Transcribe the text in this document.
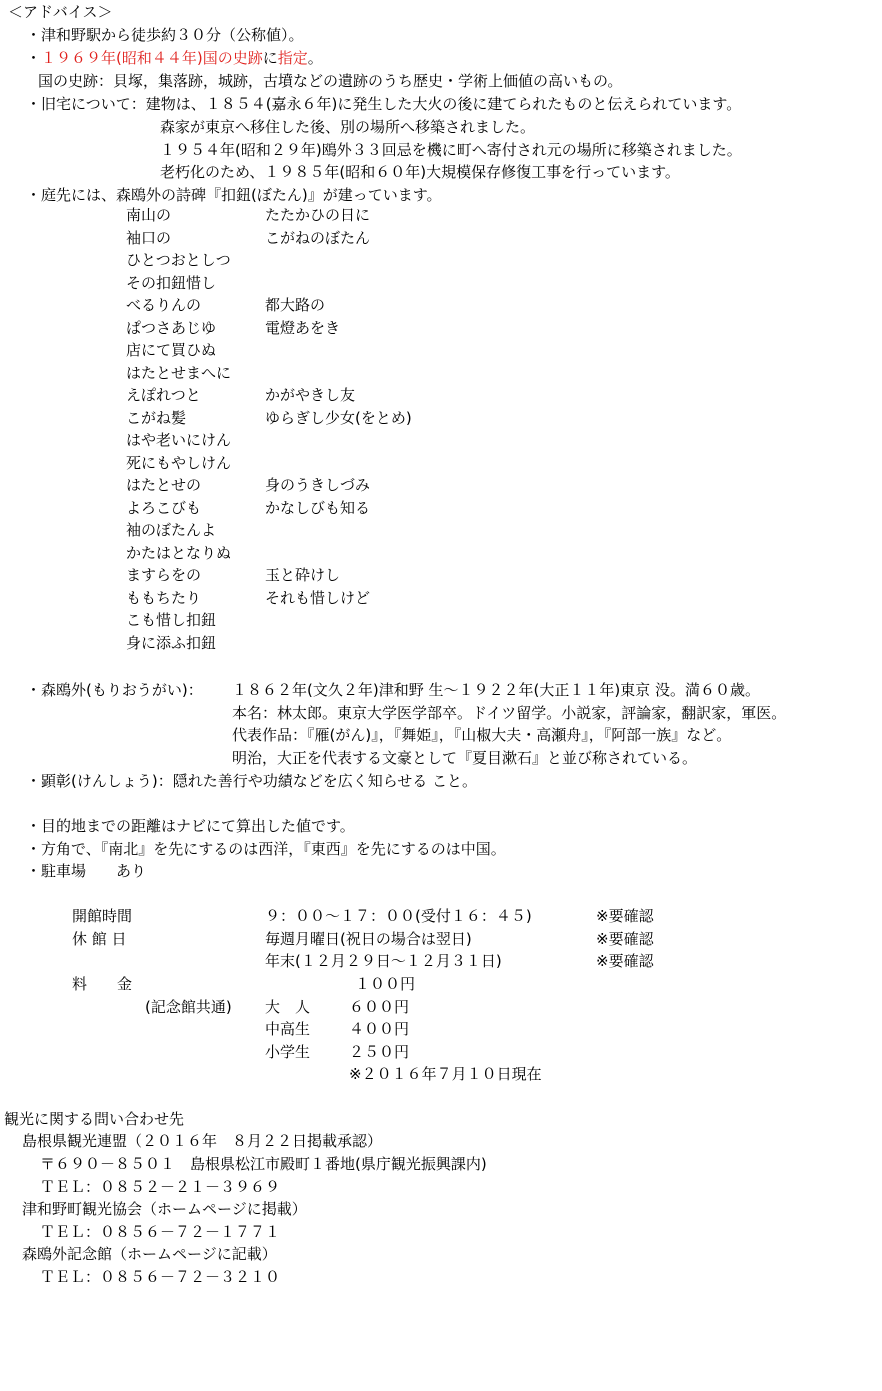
＜アドバイス＞
・津和野駅から徒歩約３０分（公称値）。
・１９６９年(昭和４４年)国の史跡に指定。
国の史跡：貝塚，集落跡，城跡，古墳などの遺跡のうち歴史・学術上価値の高いもの。
・旧宅について：建物は、１８５４(嘉永６年)に発生した大火の後に建てられたものと伝えられています。
森家が東京へ移住した後、別の場所へ移築されました。
１９５４年(昭和２９年)鴎外３３回忌を機に町へ寄付され元の場所に移築されました。
老朽化のため、１９８５年(昭和６０年)大規模保存修復工事を行っています。
・庭先には、森鴎外の詩碑『扣鈕(ぼたん)』が建っています。
南山の	たたかひの日に
袖口の	こがねのぼたん
ひとつおとしつ
その扣鈕惜し
べるりんの	都大路の
ぱつさあじゆ	電燈あをき
店にて買ひぬ
はたとせまへに
えぽれつと	かがやきし友
こがね髪	ゆらぎし少女(をとめ)
はや老いにけん
死にもやしけん
はたとせの	身のうきしづみ
よろこびも	かなしびも知る
袖のぼたんよ
かたはとなりぬ
ますらをの	玉と砕けし
ももちたり	それも惜しけど
こも惜し扣鈕
身に添ふ扣鈕
・森鴎外(もりおうがい)： １８６２年(文久２年)津和野 生～１９２２年(大正１１年)東京 没。満６０歳。
本名：林太郎。東京大学医学部卒。ドイツ留学。小説家，評論家，翻訳家，軍医。
代表作品：『雁(がん)』，『舞姫』，『山椒大夫・高瀬舟』，『阿部一族』など。
明治，大正を代表する文豪として『夏目漱石』と並び称されている。
・顕彰(けんしょう)：隠れた善行や功績などを広く知らせる こと。
・目的地までの距離はナビにて算出した値です。
・方角で、『南北』を先にするのは西洋，『東西』を先にするのは中国。
・駐車場　　あり
開館時間	９：００～１７：００(受付１６：４５)	※要確認
休 館 日	毎週月曜日(祝日の場合は翌日)	※要確認
年末(１２月２９日～１２月３１日)	※要確認
料　　金	１００円
(記念館共通) 大　人	６００円
中高生	４００円
小学生	２５０円
※２０１６年７月１０日現在
観光に関する問い合わせ先
島根県観光連盟（２０１６年　８月２２日掲載承認）
〒６９０－８５０１　島根県松江市殿町１番地(県庁観光振興課内)
ＴＥＬ：０８５２－２１－３９６９
津和野町観光協会（ホームページに掲載）
ＴＥＬ：０８５６－７２－１７７１
森鴎外記念館（ホームページに記載）
ＴＥＬ：０８５６－７２－３２１０
